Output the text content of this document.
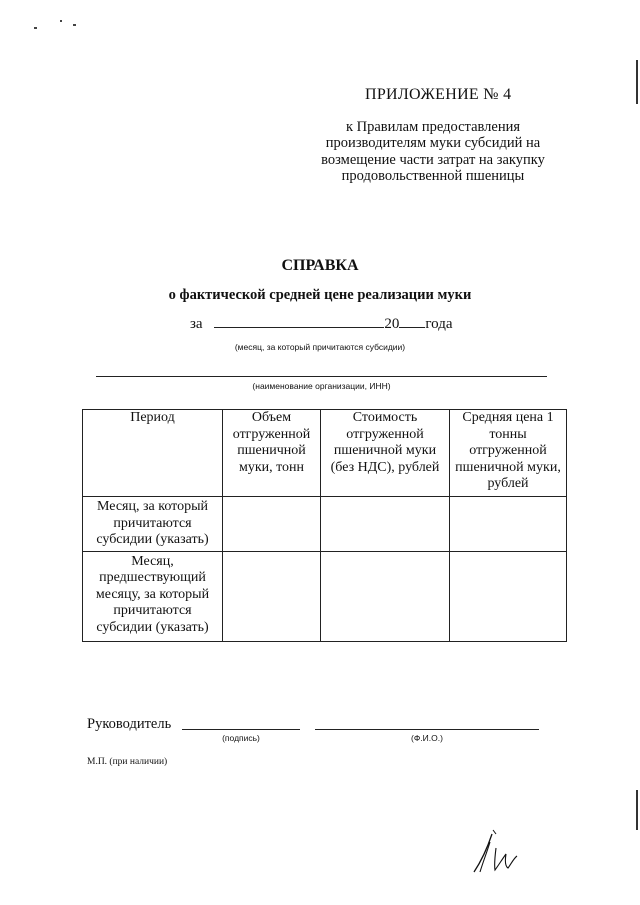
ПРИЛОЖЕНИЕ № 4
к Правилам предоставления производителям муки субсидий на возмещение части затрат на закупку продовольственной пшеницы
СПРАВКА
о фактической средней цене реализации муки
за	20 года
(месяц, за который причитаются субсидии)
(наименование организации, ИНН)
Период	Объем отгруженной пшеничной муки, тонн	Стоимость отгруженной пшеничной муки (без НДС), рублей	Средняя цена 1 тонны отгруженной пшеничной муки, рублей
Месяц, за который причитаются субсидии (указать)			
Месяц, предшествующий месяцу, за который причитаются субсидии (указать)			
Руководитель
(подпись)	(Ф.И.О.)
М.П. (при наличии)
